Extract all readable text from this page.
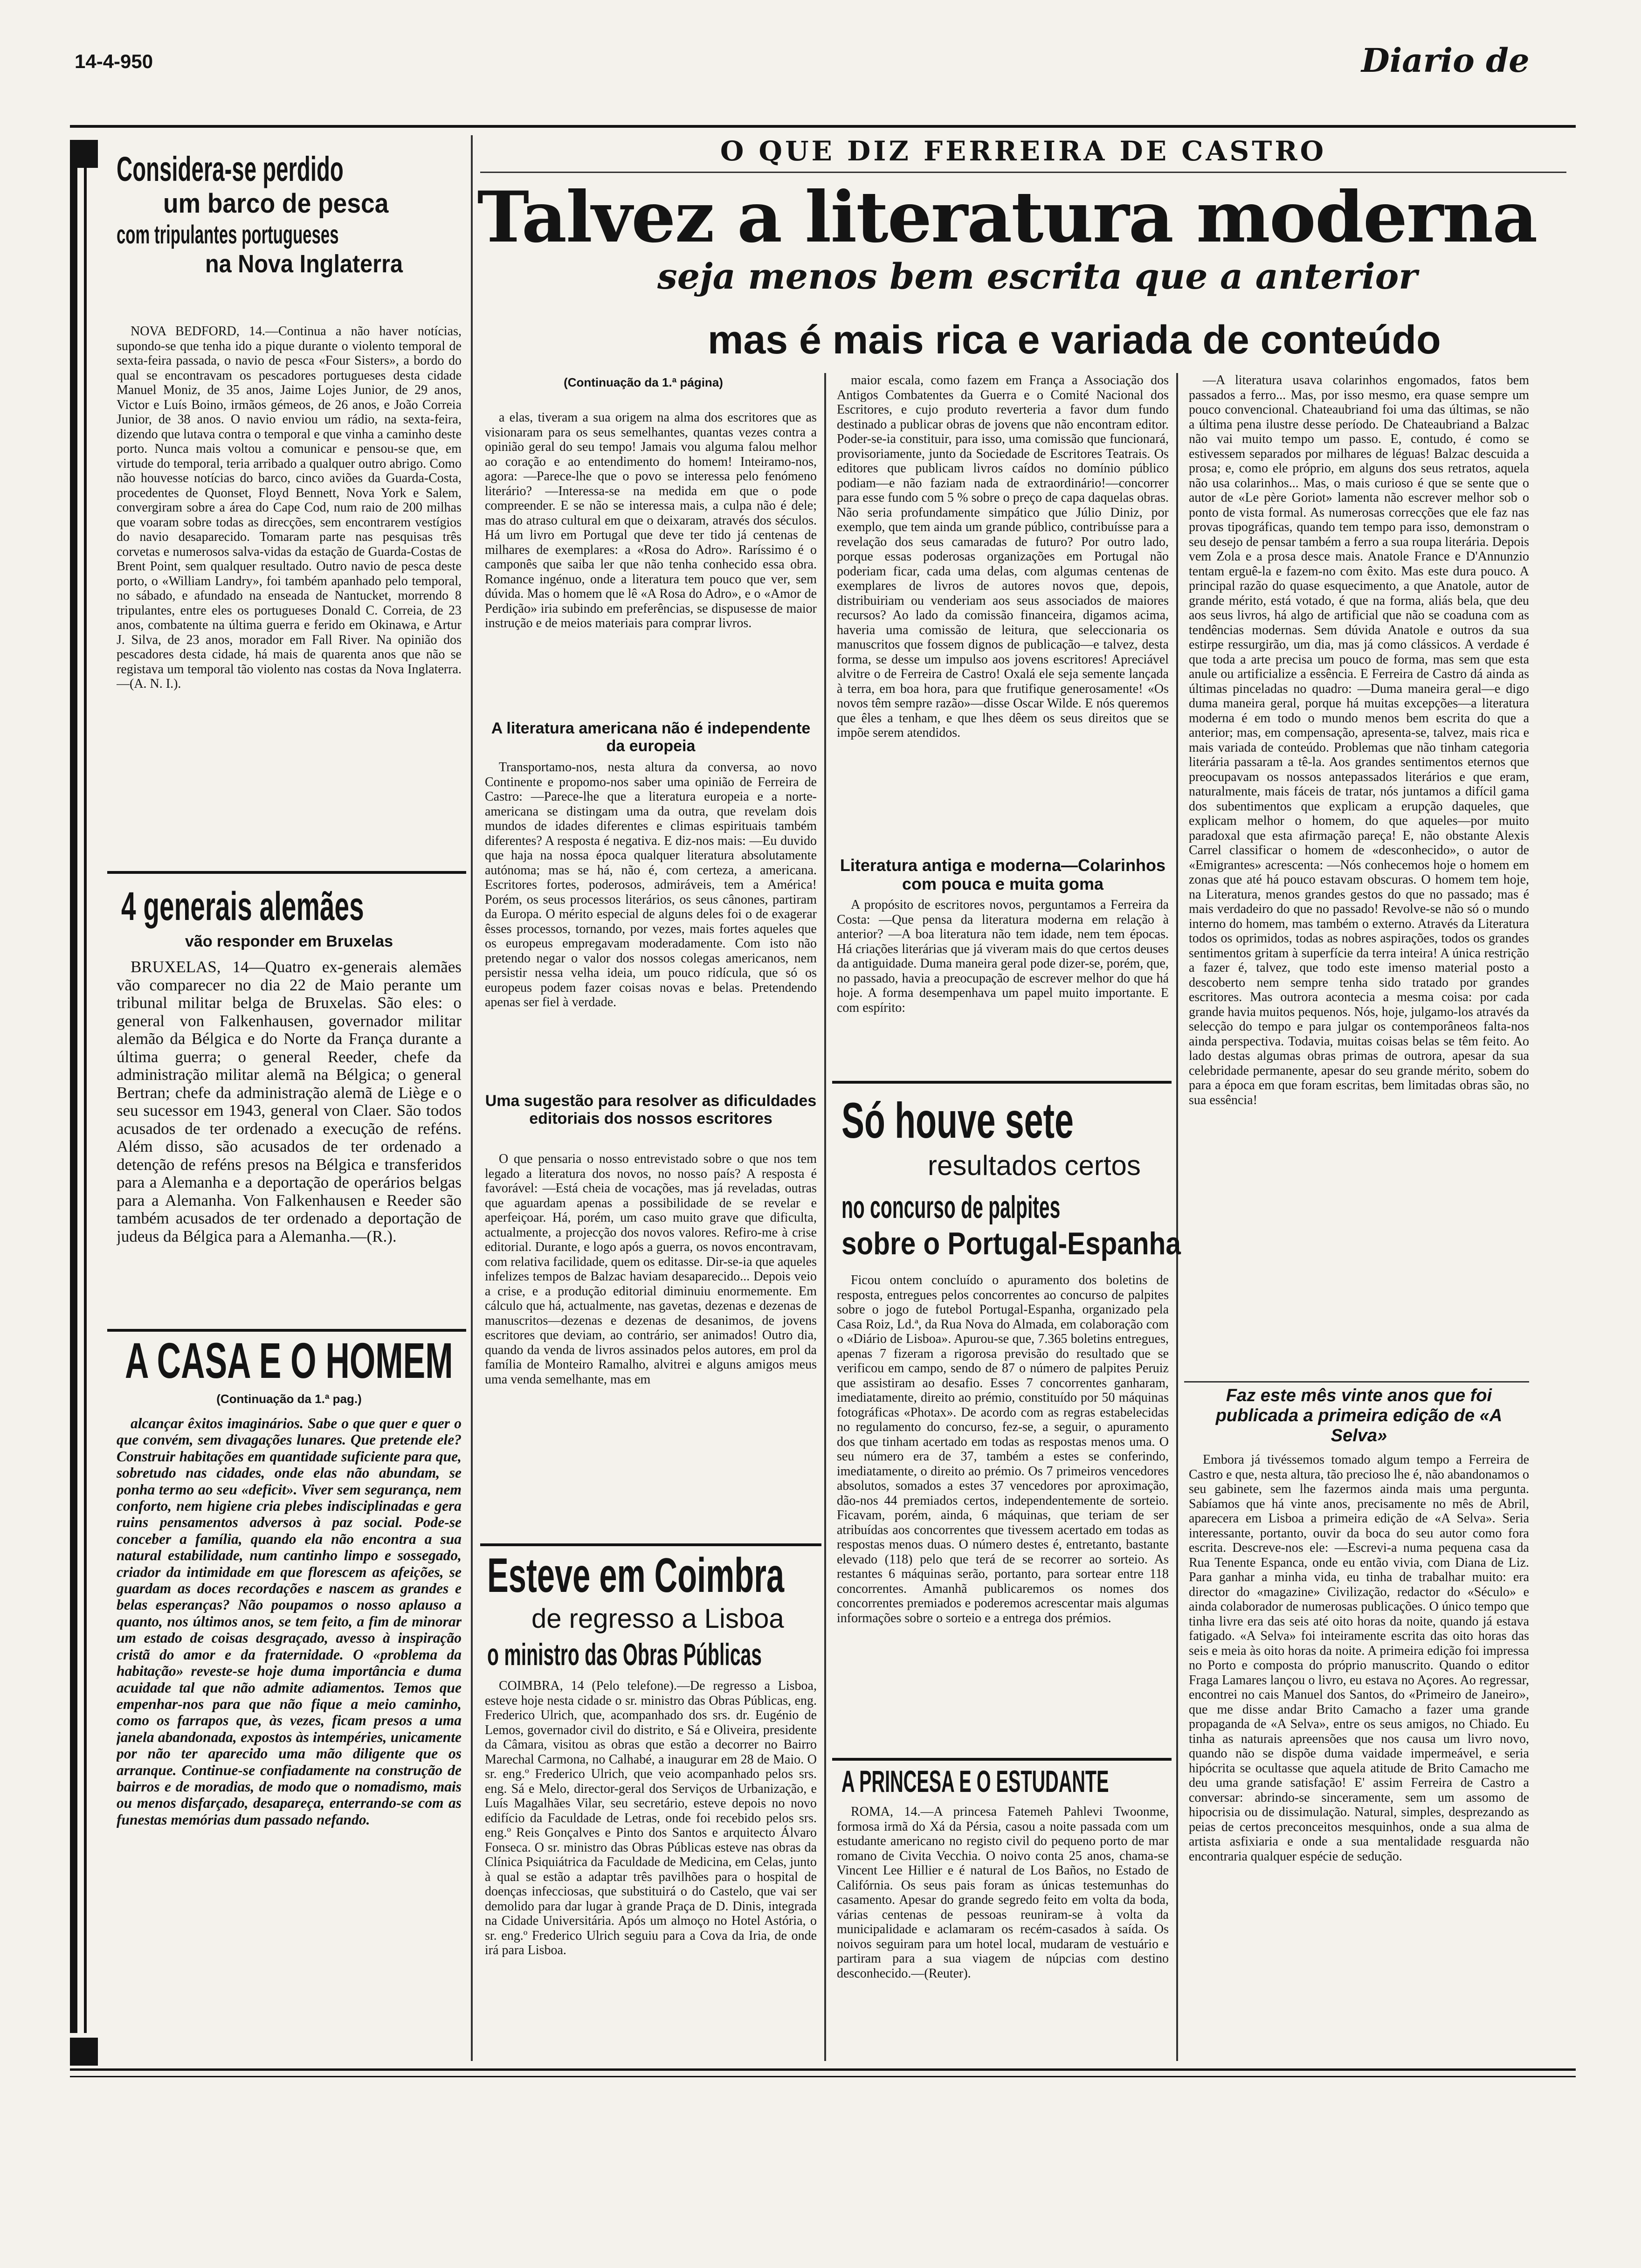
14-4-950	Diario de
Considera-se perdido
um barco de pesca
com tripulantes portugueses
na Nova Inglaterra
NOVA BEDFORD, 14.—Continua a não haver notícias, supondo-se que tenha ido a pique durante o violento temporal de sexta-feira passada, o navio de pesca «Four Sisters», a bordo do qual se encontravam os pescadores portugueses desta cidade Manuel Moniz, de 35 anos, Jaime Lojes Junior, de 29 anos, Victor e Luís Boino, irmãos gémeos, de 26 anos, e João Correia Junior, de 38 anos. O navio enviou um rádio, na sexta-feira, dizendo que lutava contra o temporal e que vinha a caminho deste porto. Nunca mais voltou a comunicar e pensou-se que, em virtude do temporal, teria arribado a qualquer outro abrigo. Como não houvesse notícias do barco, cinco aviões da Guarda-Costa, procedentes de Quonset, Floyd Bennett, Nova York e Salem, convergiram sobre a área do Cape Cod, num raio de 200 milhas que voaram sobre todas as direcções, sem encontrarem vestígios do navio desaparecido. Tomaram parte nas pesquisas três corvetas e numerosos salva-vidas da estação de Guarda-Costas de Brent Point, sem qualquer resultado. Outro navio de pesca deste porto, o «William Landry», foi também apanhado pelo temporal, no sábado, e afundado na enseada de Nantucket, morrendo 8 tripulantes, entre eles os portugueses Donald C. Correia, de 23 anos, combatente na última guerra e ferido em Okinawa, e Artur J. Silva, de 23 anos, morador em Fall River. Na opinião dos pescadores desta cidade, há mais de quarenta anos que não se registava um temporal tão violento nas costas da Nova Inglaterra.—(A. N. I.).
4 generais alemães
vão responder em Bruxelas
BRUXELAS, 14—Quatro ex-generais alemães vão comparecer no dia 22 de Maio perante um tribunal militar belga de Bruxelas. São eles: o general von Falkenhausen, governador militar alemão da Bélgica e do Norte da França durante a última guerra; o general Reeder, chefe da administração militar alemã na Bélgica; o general Bertran; chefe da administração alemã de Liège e o seu sucessor em 1943, general von Claer. São todos acusados de ter ordenado a execução de reféns. Além disso, são acusados de ter ordenado a detenção de reféns presos na Bélgica e transferidos para a Alemanha e a deportação de operários belgas para a Alemanha. Von Falkenhausen e Reeder são também acusados de ter ordenado a deportação de judeus da Bélgica para a Alemanha.—(R.).
A CASA E O HOMEM
(Continuação da 1.ª pag.)
alcançar êxitos imaginários. Sabe o que quer e quer o que convém, sem divagações lunares. Que pretende ele? Construir habitações em quantidade suficiente para que, sobretudo nas cidades, onde elas não abundam, se ponha termo ao seu «deficit». Viver sem segurança, nem conforto, nem higiene cria plebes indisciplinadas e gera ruins pensamentos adversos à paz social. Pode-se conceber a família, quando ela não encontra a sua natural estabilidade, num cantinho limpo e sossegado, criador da intimidade em que florescem as afeições, se guardam as doces recordações e nascem as grandes e belas esperanças? Não poupamos o nosso aplauso a quanto, nos últimos anos, se tem feito, a fim de minorar um estado de coisas desgraçado, avesso à inspiração cristã do amor e da fraternidade. O «problema da habitação» reveste-se hoje duma importância e duma acuidade tal que não admite adiamentos. Temos que empenhar-nos para que não fique a meio caminho, como os farrapos que, às vezes, ficam presos a uma janela abandonada, expostos às intempéries, unicamente por não ter aparecido uma mão diligente que os arranque. Continue-se confiadamente na construção de bairros e de moradias, de modo que o nomadismo, mais ou menos disfarçado, desapareça, enterrando-se com as funestas memórias dum passado nefando.
O QUE DIZ FERREIRA DE CASTRO
Talvez a literatura moderna
seja menos bem escrita que a anterior
mas é mais rica e variada de conteúdo
(Continuação da 1.ª página)
a elas, tiveram a sua origem na alma dos escritores que as visionaram para os seus semelhantes, quantas vezes contra a opinião geral do seu tempo! Jamais vou alguma falou melhor ao coração e ao entendimento do homem! Inteiramo-nos, agora: —Parece-lhe que o povo se interessa pelo fenómeno literário? —Interessa-se na medida em que o pode compreender. E se não se interessa mais, a culpa não é dele; mas do atraso cultural em que o deixaram, através dos séculos. Há um livro em Portugal que deve ter tido já centenas de milhares de exemplares: a «Rosa do Adro». Raríssimo é o camponês que saiba ler que não tenha conhecido essa obra. Romance ingénuo, onde a literatura tem pouco que ver, sem dúvida. Mas o homem que lê «A Rosa do Adro», e o «Amor de Perdição» iria subindo em preferências, se dispusesse de maior instrução e de meios materiais para comprar livros.
A literatura americana não é independente da europeia
Transportamo-nos, nesta altura da conversa, ao novo Continente e propomo-nos saber uma opinião de Ferreira de Castro: —Parece-lhe que a literatura europeia e a norte-americana se distingam uma da outra, que revelam dois mundos de idades diferentes e climas espirituais também diferentes? A resposta é negativa. E diz-nos mais: —Eu duvido que haja na nossa época qualquer literatura absolutamente autónoma; mas se há, não é, com certeza, a americana. Escritores fortes, poderosos, admiráveis, tem a América! Porém, os seus processos literários, os seus cânones, partiram da Europa. O mérito especial de alguns deles foi o de exagerar êsses processos, tornando, por vezes, mais fortes aqueles que os europeus empregavam moderadamente. Com isto não pretendo negar o valor dos nossos colegas americanos, nem persistir nessa velha ideia, um pouco ridícula, que só os europeus podem fazer coisas novas e belas. Pretendendo apenas ser fiel à verdade.
Uma sugestão para resolver as dificuldades editoriais dos nossos escritores
O que pensaria o nosso entrevistado sobre o que nos tem legado a literatura dos novos, no nosso país? A resposta é favorável: —Está cheia de vocações, mas já reveladas, outras que aguardam apenas a possibilidade de se revelar e aperfeiçoar. Há, porém, um caso muito grave que dificulta, actualmente, a projecção dos novos valores. Refiro-me à crise editorial. Durante, e logo após a guerra, os novos encontravam, com relativa facilidade, quem os editasse. Dir-se-ia que aqueles infelizes tempos de Balzac haviam desaparecido... Depois veio a crise, e a produção editorial diminuiu enormemente. Em cálculo que há, actualmente, nas gavetas, dezenas e dezenas de manuscritos—dezenas e dezenas de desanimos, de jovens escritores que deviam, ao contrário, ser animados! Outro dia, quando da venda de livros assinados pelos autores, em prol da família de Monteiro Ramalho, alvitrei e alguns amigos meus uma venda semelhante, mas em
Esteve em Coimbra
de regresso a Lisboa
o ministro das Obras Públicas
COIMBRA, 14 (Pelo telefone).—De regresso a Lisboa, esteve hoje nesta cidade o sr. ministro das Obras Públicas, eng. Frederico Ulrich, que, acompanhado dos srs. dr. Eugénio de Lemos, governador civil do distrito, e Sá e Oliveira, presidente da Câmara, visitou as obras que estão a decorrer no Bairro Marechal Carmona, no Calhabé, a inaugurar em 28 de Maio. O sr. eng.º Frederico Ulrich, que veio acompanhado pelos srs. eng. Sá e Melo, director-geral dos Serviços de Urbanização, e Luís Magalhães Vilar, seu secretário, esteve depois no novo edifício da Faculdade de Letras, onde foi recebido pelos srs. eng.º Reis Gonçalves e Pinto dos Santos e arquitecto Álvaro Fonseca. O sr. ministro das Obras Públicas esteve nas obras da Clínica Psiquiátrica da Faculdade de Medicina, em Celas, junto à qual se estão a adaptar três pavilhões para o hospital de doenças infecciosas, que substituirá o do Castelo, que vai ser demolido para dar lugar à grande Praça de D. Dinis, integrada na Cidade Universitária. Após um almoço no Hotel Astória, o sr. eng.º Frederico Ulrich seguiu para a Cova da Iria, de onde irá para Lisboa.
maior escala, como fazem em França a Associação dos Antigos Combatentes da Guerra e o Comité Nacional dos Escritores, e cujo produto reverteria a favor dum fundo destinado a publicar obras de jovens que não encontram editor. Poder-se-ia constituir, para isso, uma comissão que funcionará, provisoriamente, junto da Sociedade de Escritores Teatrais. Os editores que publicam livros caídos no domínio público podiam—e não faziam nada de extraordinário!—concorrer para esse fundo com 5 % sobre o preço de capa daquelas obras. Não seria profundamente simpático que Júlio Diniz, por exemplo, que tem ainda um grande público, contribuísse para a revelação dos seus camaradas de futuro? Por outro lado, porque essas poderosas organizações em Portugal não poderiam ficar, cada uma delas, com algumas centenas de exemplares de livros de autores novos que, depois, distribuiriam ou venderiam aos seus associados de maiores recursos? Ao lado da comissão financeira, digamos acima, haveria uma comissão de leitura, que seleccionaria os manuscritos que fossem dignos de publicação—e talvez, desta forma, se desse um impulso aos jovens escritores! Apreciável alvitre o de Ferreira de Castro! Oxalá ele seja semente lançada à terra, em boa hora, para que frutifique generosamente! «Os novos têm sempre razão»—disse Oscar Wilde. E nós queremos que êles a tenham, e que lhes dêem os seus direitos que se impõe serem atendidos.
Literatura antiga e moderna—Colarinhos com pouca e muita goma
A propósito de escritores novos, perguntamos a Ferreira da Costa: —Que pensa da literatura moderna em relação à anterior? —A boa literatura não tem idade, nem tem épocas. Há criações literárias que já viveram mais do que certos deuses da antiguidade. Duma maneira geral pode dizer-se, porém, que, no passado, havia a preocupação de escrever melhor do que há hoje. A forma desempenhava um papel muito importante. E com espírito:
Só houve sete
resultados certos
no concurso de palpites
sobre o Portugal-Espanha
Ficou ontem concluído o apuramento dos boletins de resposta, entregues pelos concorrentes ao concurso de palpites sobre o jogo de futebol Portugal-Espanha, organizado pela Casa Roiz, Ld.ª, da Rua Nova do Almada, em colaboração com o «Diário de Lisboa». Apurou-se que, 7.365 boletins entregues, apenas 7 fizeram a rigorosa previsão do resultado que se verificou em campo, sendo de 87 o número de palpites Peruiz que assistiram ao desafio. Esses 7 concorrentes ganharam, imediatamente, direito ao prémio, constituído por 50 máquinas fotográficas «Photax». De acordo com as regras estabelecidas no regulamento do concurso, fez-se, a seguir, o apuramento dos que tinham acertado em todas as respostas menos uma. O seu número era de 37, também a estes se conferindo, imediatamente, o direito ao prémio. Os 7 primeiros vencedores absolutos, somados a estes 37 vencedores por aproximação, dão-nos 44 premiados certos, independentemente de sorteio. Ficavam, porém, ainda, 6 máquinas, que teriam de ser atribuídas aos concorrentes que tivessem acertado em todas as respostas menos duas. O número destes é, entretanto, bastante elevado (118) pelo que terá de se recorrer ao sorteio. As restantes 6 máquinas serão, portanto, para sortear entre 118 concorrentes. Amanhã publicaremos os nomes dos concorrentes premiados e poderemos acrescentar mais algumas informações sobre o sorteio e a entrega dos prémios.
A PRINCESA E O ESTUDANTE
ROMA, 14.—A princesa Fatemeh Pahlevi Twoonme, formosa irmã do Xá da Pérsia, casou a noite passada com um estudante americano no registo civil do pequeno porto de mar romano de Civita Vecchia. O noivo conta 25 anos, chama-se Vincent Lee Hillier e é natural de Los Baños, no Estado de Califórnia. Os seus pais foram as únicas testemunhas do casamento. Apesar do grande segredo feito em volta da boda, várias centenas de pessoas reuniram-se à volta da municipalidade e aclamaram os recém-casados à saída. Os noivos seguiram para um hotel local, mudaram de vestuário e partiram para a sua viagem de núpcias com destino desconhecido.—(Reuter).
—A literatura usava colarinhos engomados, fatos bem passados a ferro... Mas, por isso mesmo, era quase sempre um pouco convencional. Chateaubriand foi uma das últimas, se não a última pena ilustre desse período. De Chateaubriand a Balzac não vai muito tempo um passo. E, contudo, é como se estivessem separados por milhares de léguas! Balzac descuida a prosa; e, como ele próprio, em alguns dos seus retratos, aquela não usa colarinhos... Mas, o mais curioso é que se sente que o autor de «Le père Goriot» lamenta não escrever melhor sob o ponto de vista formal. As numerosas correcções que ele faz nas provas tipográficas, quando tem tempo para isso, demonstram o seu desejo de pensar também a ferro a sua roupa literária. Depois vem Zola e a prosa desce mais. Anatole France e D'Annunzio tentam erguê-la e fazem-no com êxito. Mas este dura pouco. A principal razão do quase esquecimento, a que Anatole, autor de grande mérito, está votado, é que na forma, aliás bela, que deu aos seus livros, há algo de artificial que não se coaduna com as tendências modernas. Sem dúvida Anatole e outros da sua estirpe ressurgirão, um dia, mas já como clássicos. A verdade é que toda a arte precisa um pouco de forma, mas sem que esta anule ou artificialize a essência. E Ferreira de Castro dá ainda as últimas pinceladas no quadro: —Duma maneira geral—e digo duma maneira geral, porque há muitas excepções—a literatura moderna é em todo o mundo menos bem escrita do que a anterior; mas, em compensação, apresenta-se, talvez, mais rica e mais variada de conteúdo. Problemas que não tinham categoria literária passaram a tê-la. Aos grandes sentimentos eternos que preocupavam os nossos antepassados literários e que eram, naturalmente, mais fáceis de tratar, nós juntamos a difícil gama dos subentimentos que explicam a erupção daqueles, que explicam melhor o homem, do que aqueles—por muito paradoxal que esta afirmação pareça! E, não obstante Alexis Carrel classificar o homem de «desconhecido», o autor de «Emigrantes» acrescenta: —Nós conhecemos hoje o homem em zonas que até há pouco estavam obscuras. O homem tem hoje, na Literatura, menos grandes gestos do que no passado; mas é mais verdadeiro do que no passado! Revolve-se não só o mundo interno do homem, mas também o externo. Através da Literatura todos os oprimidos, todas as nobres aspirações, todos os grandes sentimentos gritam à superfície da terra inteira! A única restrição a fazer é, talvez, que todo este imenso material posto a descoberto nem sempre tenha sido tratado por grandes escritores. Mas outrora acontecia a mesma coisa: por cada grande havia muitos pequenos. Nós, hoje, julgamo-los através da selecção do tempo e para julgar os contemporâneos falta-nos ainda perspectiva. Todavia, muitas coisas belas se têm feito. Ao lado destas algumas obras primas de outrora, apesar da sua celebridade permanente, apesar do seu grande mérito, sobem do para a época em que foram escritas, bem limitadas obras são, no sua essência!
Faz este mês vinte anos que foi publicada a primeira edição de «A Selva»
Embora já tivéssemos tomado algum tempo a Ferreira de Castro e que, nesta altura, tão precioso lhe é, não abandonamos o seu gabinete, sem lhe fazermos ainda mais uma pergunta. Sabíamos que há vinte anos, precisamente no mês de Abril, aparecera em Lisboa a primeira edição de «A Selva». Seria interessante, portanto, ouvir da boca do seu autor como fora escrita. Descreve-nos ele: —Escrevi-a numa pequena casa da Rua Tenente Espanca, onde eu então vivia, com Diana de Liz. Para ganhar a minha vida, eu tinha de trabalhar muito: era director do «magazine» Civilização, redactor do «Século» e ainda colaborador de numerosas publicações. O único tempo que tinha livre era das seis até oito horas da noite, quando já estava fatigado. «A Selva» foi inteiramente escrita das oito horas das seis e meia às oito horas da noite. A primeira edição foi impressa no Porto e composta do próprio manuscrito. Quando o editor Fraga Lamares lançou o livro, eu estava no Açores. Ao regressar, encontrei no cais Manuel dos Santos, do «Primeiro de Janeiro», que me disse andar Brito Camacho a fazer uma grande propaganda de «A Selva», entre os seus amigos, no Chiado. Eu tinha as naturais apreensões que nos causa um livro novo, quando não se dispõe duma vaidade impermeável, e seria hipócrita se ocultasse que aquela atitude de Brito Camacho me deu uma grande satisfação! E' assim Ferreira de Castro a conversar: abrindo-se sinceramente, sem um assomo de hipocrisia ou de dissimulação. Natural, simples, desprezando as peias de certos preconceitos mesquinhos, onde a sua alma de artista asfixiaria e onde a sua mentalidade resguarda não encontraria qualquer espécie de sedução.
